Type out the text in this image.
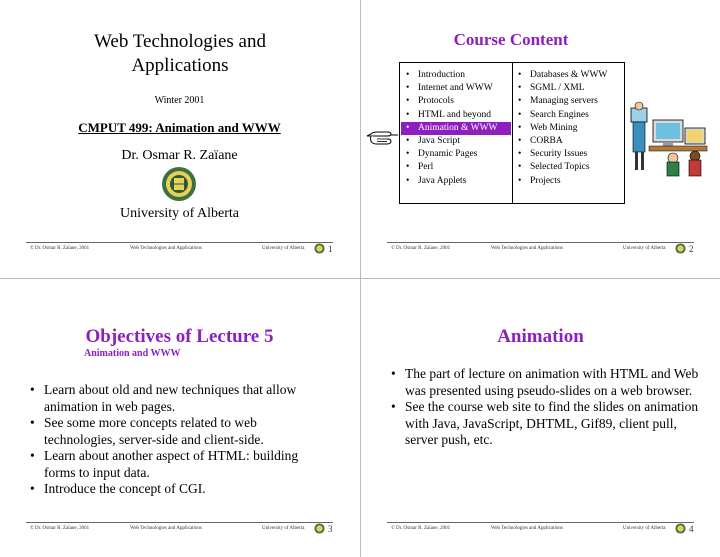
Web Technologies and Applications
Winter 2001
CMPUT 499: Animation and WWW
Dr. Osmar R. Zaïane
University of Alberta
© Dr. Osmar R. Zaïane, 2001	Web Technologies and Applications	University of Alberta	1
Course Content
• Introduction
• Internet and WWW
• Protocols
• HTML and beyond
• Animation & WWW
• Java Script
• Dynamic Pages
• Perl
• Java Applets
• Databases & WWW
• SGML / XML
• Managing servers
• Search Engines
• Web Mining
• CORBA
• Security Issues
• Selected Topics
• Projects
© Dr. Osmar R. Zaïane, 2001	Web Technologies and Applications	University of Alberta	2
Objectives of Lecture 5
Animation and WWW
• Learn about old and new techniques that allow animation in web pages.
• See some more concepts related to web technologies, server-side and client-side.
• Learn about another aspect of HTML: building forms to input data.
• Introduce the concept of CGI.
© Dr. Osmar R. Zaïane, 2001	Web Technologies and Applications	University of Alberta	3
Animation
• The part of lecture on animation with HTML and Web was presented using pseudo-slides on a web browser.
• See the course web site to find the slides on animation with Java, JavaScript, DHTML, Gif89, client pull, server push, etc.
© Dr. Osmar R. Zaïane, 2001	Web Technologies and Applications	University of Alberta	4
